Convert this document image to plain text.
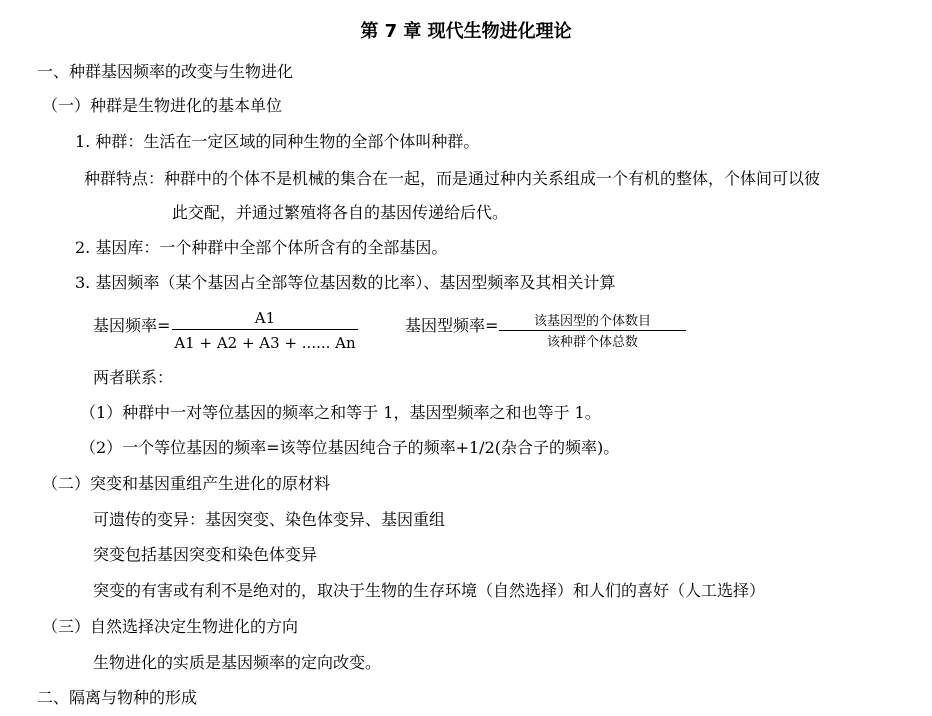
第 7 章 现代生物进化理论
一、种群基因频率的改变与生物进化
（一）种群是生物进化的基本单位
1. 种群：生活在一定区域的同种生物的全部个体叫种群。
种群特点：种群中的个体不是机械的集合在一起，而是通过种内关系组成一个有机的整体，个体间可以彼
此交配，并通过繁殖将各自的基因传递给后代。
2. 基因库：一个种群中全部个体所含有的全部基因。
3. 基因频率（某个基因占全部等位基因数的比率）、基因型频率及其相关计算
基因频率=	A1
A1 + A2 + A3 + ...... An
基因型频率=	该基因型的个体数目
该种群个体总数
两者联系：
（1）种群中一对等位基因的频率之和等于 1，基因型频率之和也等于 1。
（2）一个等位基因的频率=该等位基因纯合子的频率+1/2(杂合子的频率)。
（二）突变和基因重组产生进化的原材料
可遗传的变异：基因突变、染色体变异、基因重组
突变包括基因突变和染色体变异
突变的有害或有利不是绝对的，取决于生物的生存环境（自然选择）和人们的喜好（人工选择）
（三）自然选择决定生物进化的方向
生物进化的实质是基因频率的定向改变。
二、隔离与物种的形成
